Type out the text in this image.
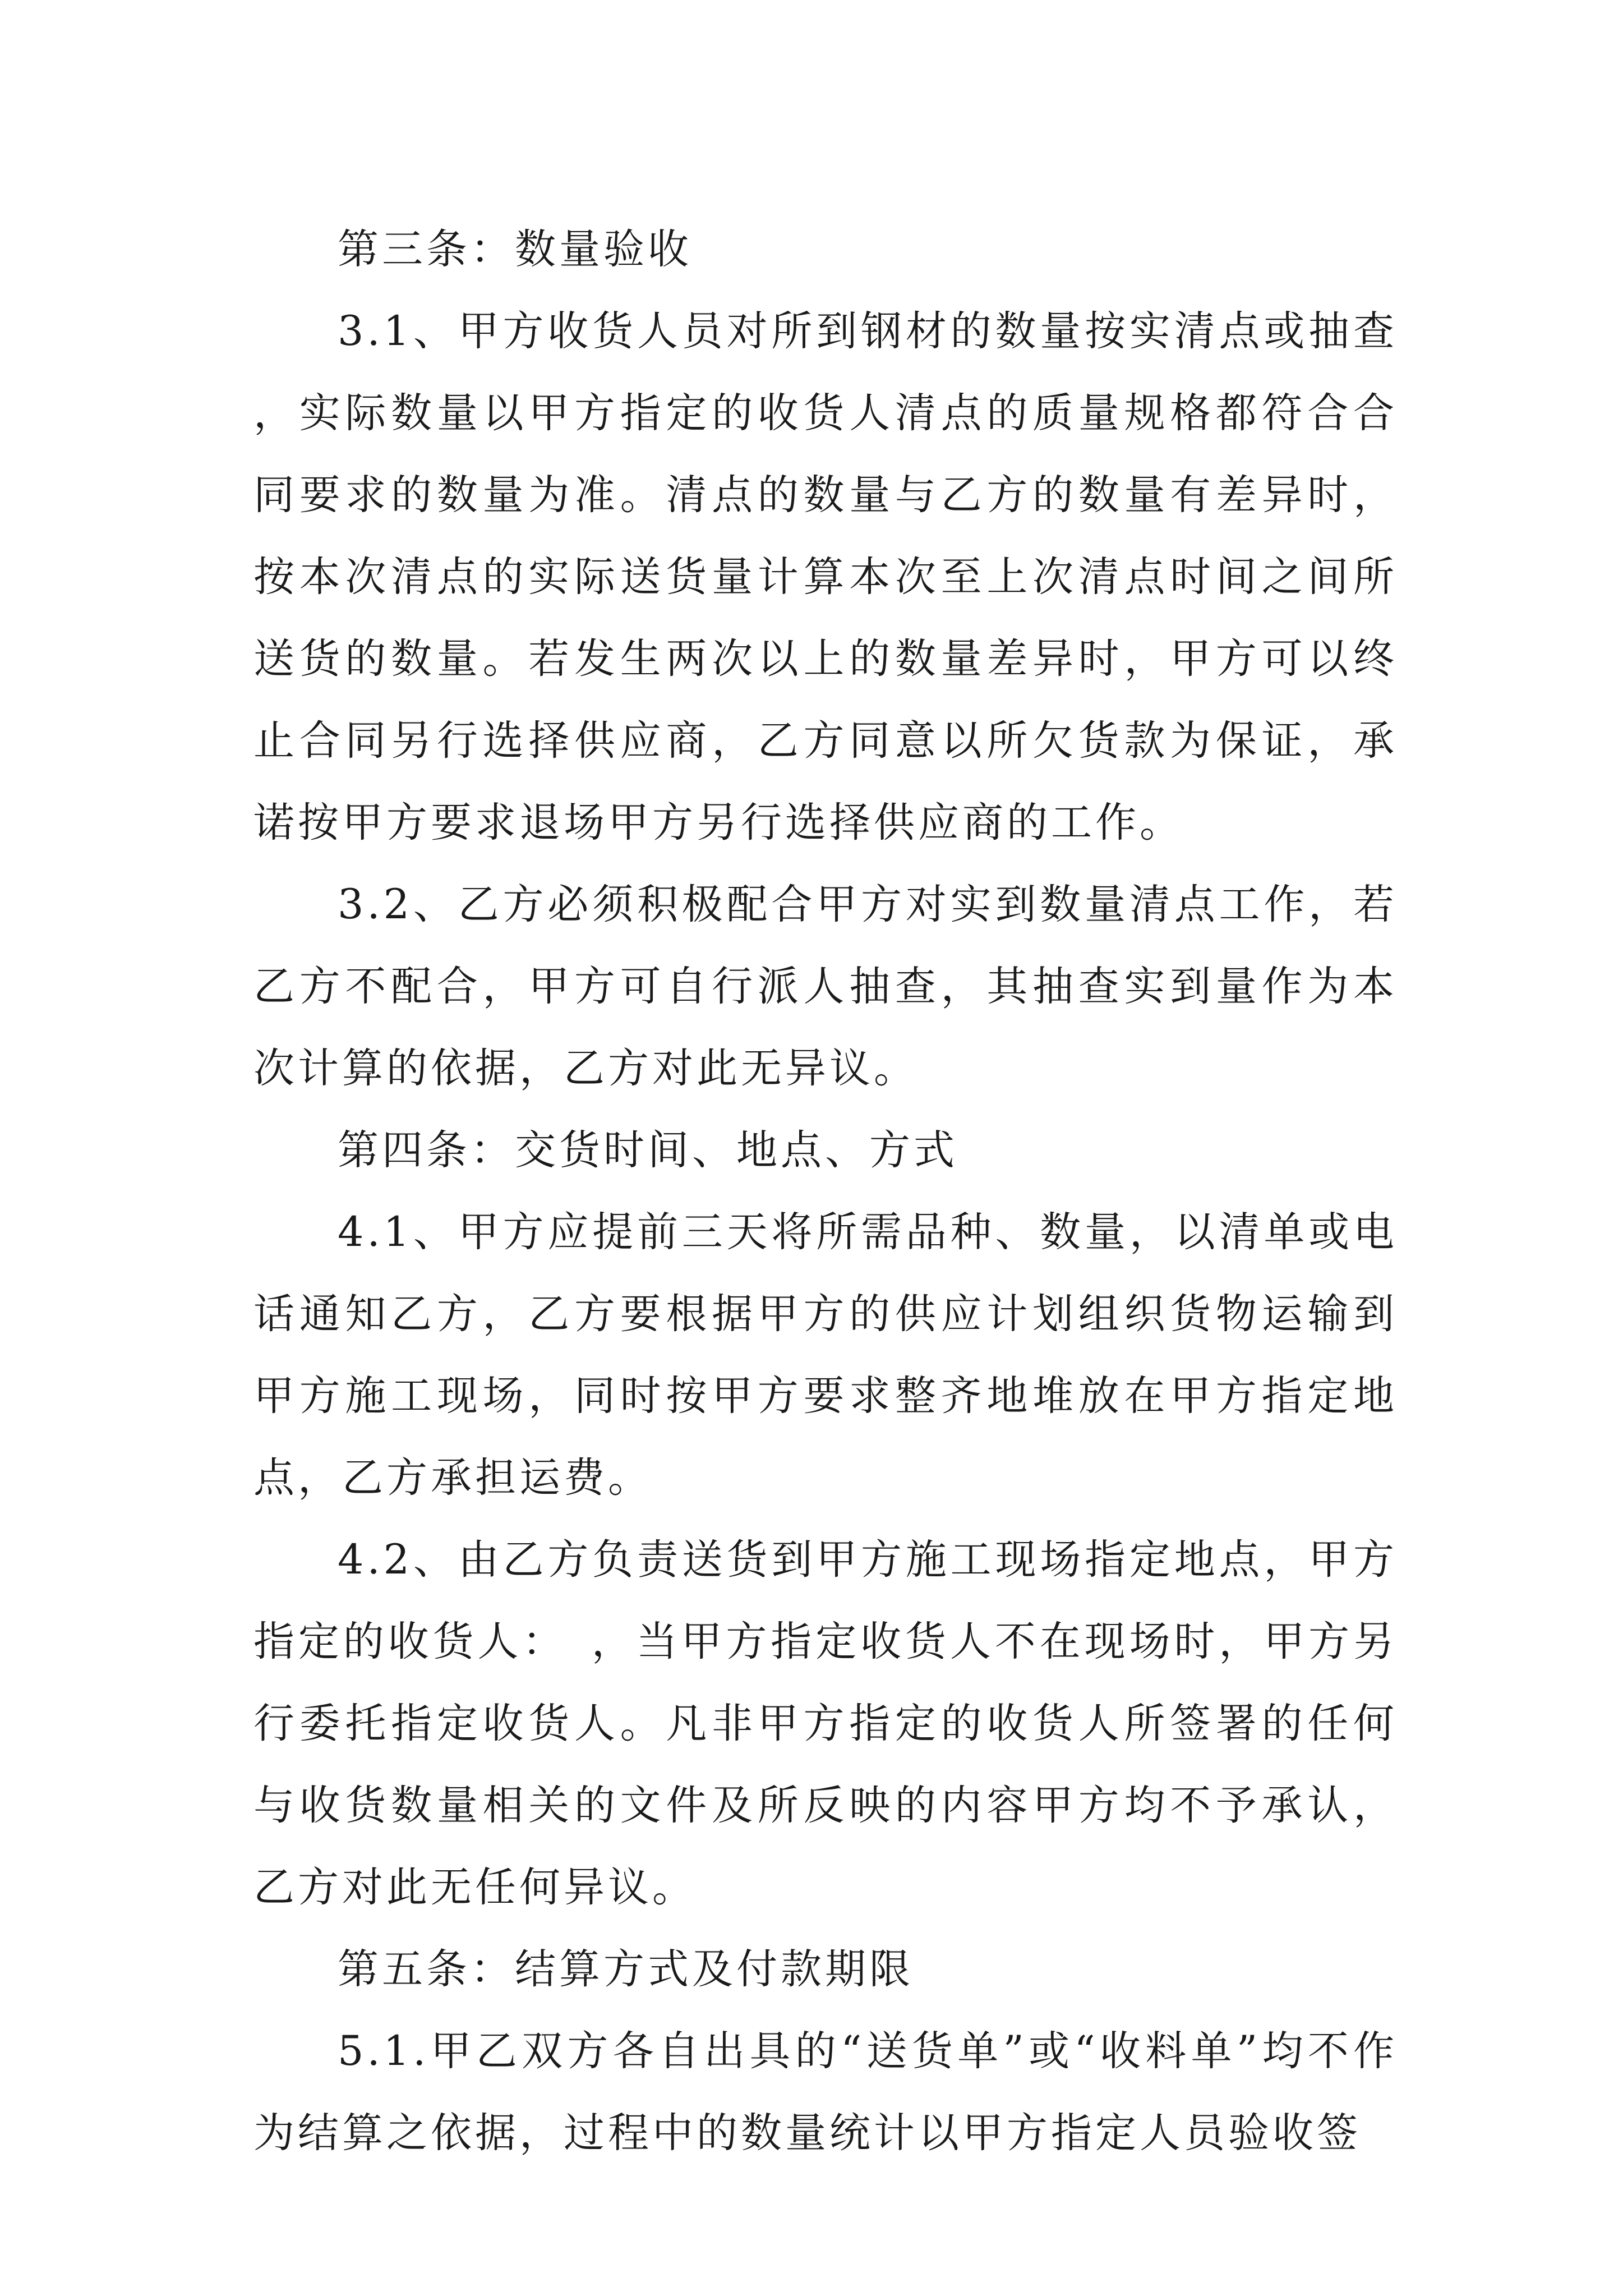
第三条：数量验收

3.1、甲方收货人员对所到钢材的数量按实清点或抽查，实际数量以甲方指定的收货人清点的质量规格都符合合同要求的数量为准。清点的数量与乙方的数量有差异时，按本次清点的实际送货量计算本次至上次清点时间之间所送货的数量。若发生两次以上的数量差异时，甲方可以终止合同另行选择供应商，乙方同意以所欠货款为保证，承诺按甲方要求退场甲方另行选择供应商的工作。

3.2、乙方必须积极配合甲方对实到数量清点工作，若乙方不配合，甲方可自行派人抽查，其抽查实到量作为本次计算的依据，乙方对此无异议。

第四条：交货时间、地点、方式

4.1、甲方应提前三天将所需品种、数量，以清单或电话通知乙方，乙方要根据甲方的供应计划组织货物运输到甲方施工现场，同时按甲方要求整齐地堆放在甲方指定地点，乙方承担运费。

4.2、由乙方负责送货到甲方施工现场指定地点，甲方指定的收货人：　，当甲方指定收货人不在现场时，甲方另行委托指定收货人。凡非甲方指定的收货人所签署的任何与收货数量相关的文件及所反映的内容甲方均不予承认，乙方对此无任何异议。

第五条：结算方式及付款期限

5.1.甲乙双方各自出具的“送货单”或“收料单”均不作为结算之依据，过程中的数量统计以甲方指定人员验收签
